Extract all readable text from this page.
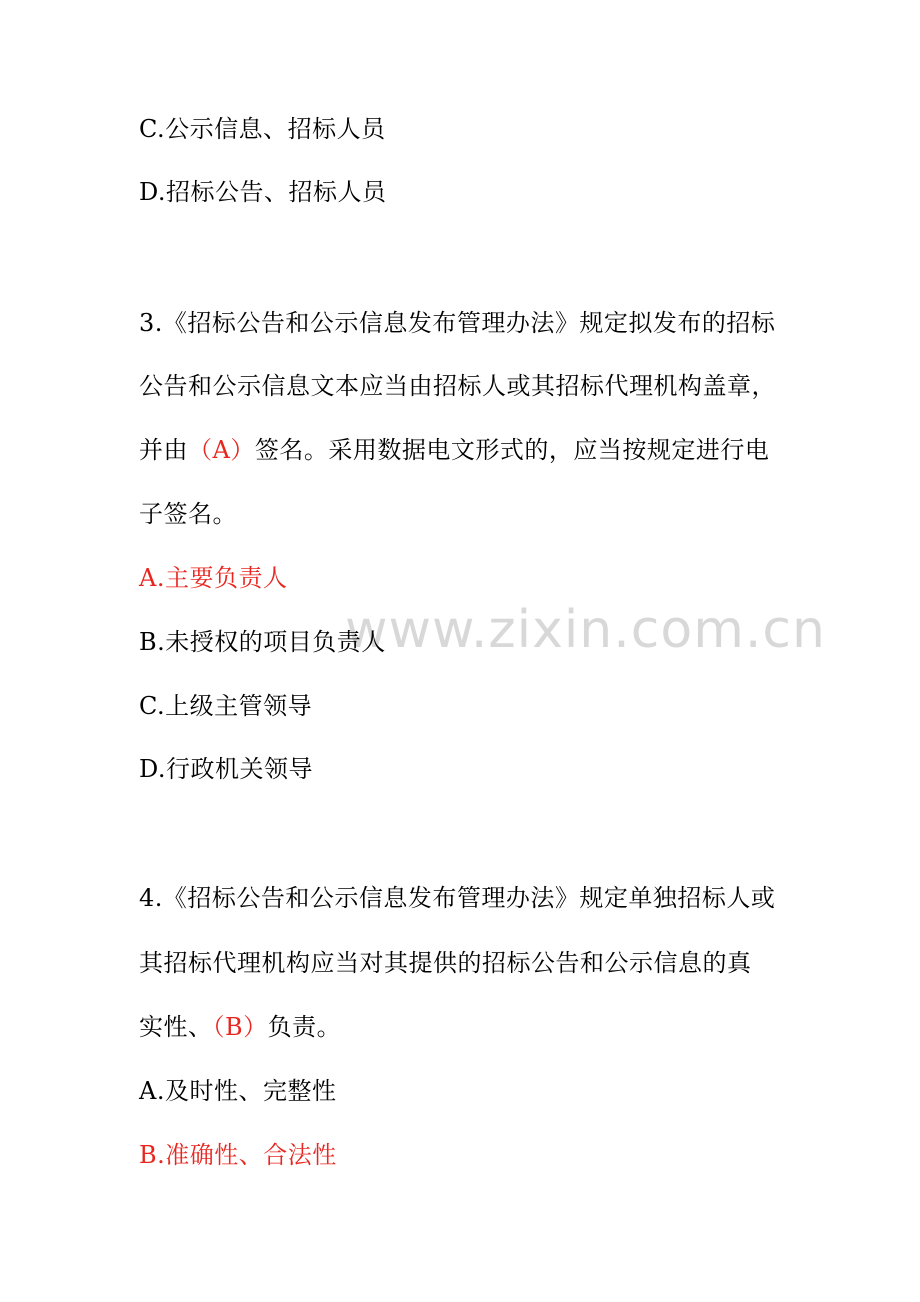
www.zixin.com.cn
C.公示信息、招标人员
D.招标公告、招标人员
3.《招标公告和公示信息发布管理办法》规定拟发布的招标
公告和公示信息文本应当由招标人或其招标代理机构盖章，
并由（A）签名。采用数据电文形式的，应当按规定进行电
子签名。
A.主要负责人
B.未授权的项目负责人
C.上级主管领导
D.行政机关领导
4.《招标公告和公示信息发布管理办法》规定单独招标人或
其招标代理机构应当对其提供的招标公告和公示信息的真
实性、（B）负责。
A.及时性、完整性
B.准确性、合法性
